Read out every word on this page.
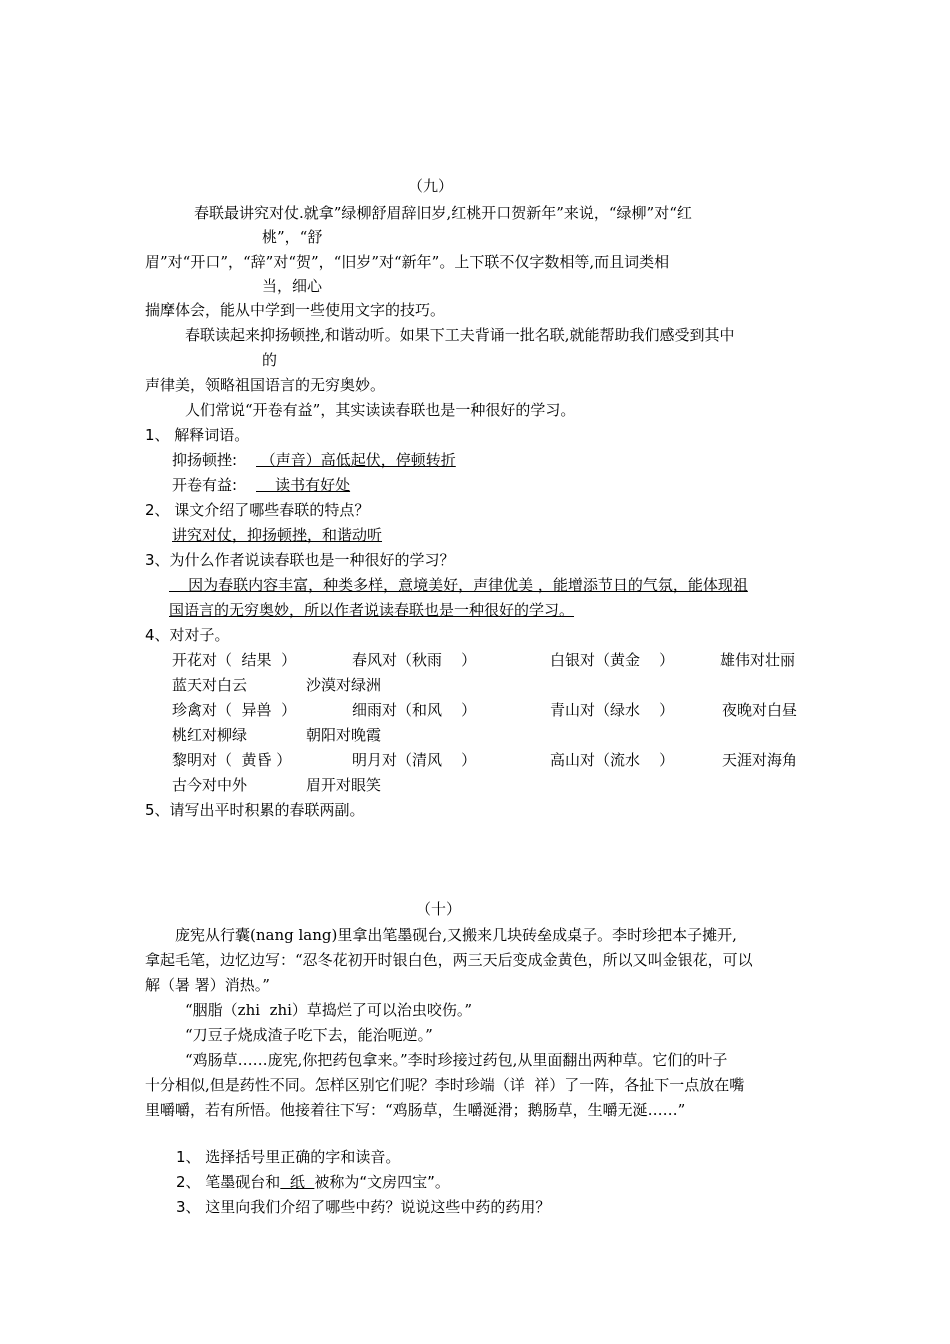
（九）
春联最讲究对仗.就拿”绿柳舒眉辞旧岁,红桃开口贺新年”来说，“绿柳”对“红
桃”，“舒
眉”对“开口”，“辞”对“贺”，“旧岁”对“新年”。上下联不仅字数相等,而且词类相
当，细心
揣摩体会，能从中学到一些使用文字的技巧。
春联读起来抑扬顿挫,和谐动听。如果下工夫背诵一批名联,就能帮助我们感受到其中
的
声律美，领略祖国语言的无穷奥妙。
人们常说“开卷有益”，其实读读春联也是一种很好的学习。
1、 解释词语。
抑扬顿挫: （声音）高低起伏，停顿转折
开卷有益: 读书有好处
2、 课文介绍了哪些春联的特点？
讲究对仗，抑扬顿挫，和谐动听
3、为什么作者说读春联也是一种很好的学习？
因为春联内容丰富，种类多样，意境美好，声律优美 ，能增添节日的气氛，能体现祖
国语言的无穷奥妙，所以作者说读春联也是一种很好的学习。
4、对对子。
开花对（  结果  ）	春风对（秋雨    ）	白银对（黄金    ）	雄伟对壮丽
蓝天对白云	沙漠对绿洲
珍禽对（  异兽  ）	细雨对（和风    ）	青山对（绿水    ）	夜晚对白昼
桃红对柳绿	朝阳对晚霞
黎明对（  黄昏 ）	明月对（清风    ）	高山对（流水    ）	天涯对海角
古今对中外	眉开对眼笑
5、请写出平时积累的春联两副。
（十）
庞宪从行囊(nang lang)里拿出笔墨砚台,又搬来几块砖垒成桌子。李时珍把本子摊开,
拿起毛笔，边忆边写：“忍冬花初开时银白色，两三天后变成金黄色，所以又叫金银花，可以
解（暑 署）消热。”
“胭脂（zhi  zhi）草捣烂了可以治虫咬伤。”
“刀豆子烧成渣子吃下去，能治呃逆。”
“鸡肠草……庞宪,你把药包拿来。”李时珍接过药包,从里面翻出两种草。它们的叶子
十分相似,但是药性不同。怎样区别它们呢？李时珍端（详  祥）了一阵，各扯下一点放在嘴
里嚼嚼，若有所悟。他接着往下写：“鸡肠草，生嚼涎滑；鹅肠草，生嚼无涎……”
1、 选择括号里正确的字和读音。
2、 笔墨砚台和  纸  被称为“文房四宝”。
3、 这里向我们介绍了哪些中药？说说这些中药的药用？
